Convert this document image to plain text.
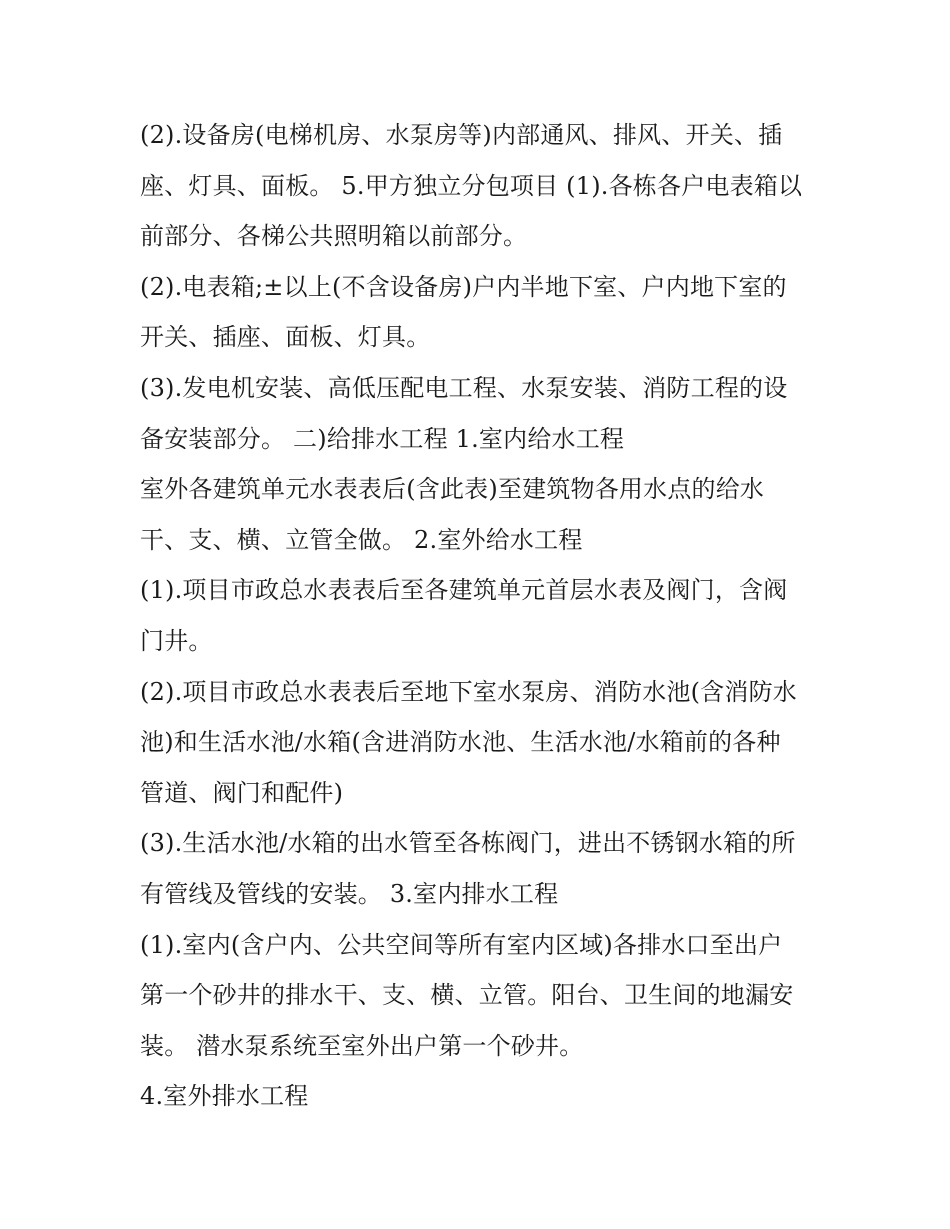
(2).设备房(电梯机房、水泵房等)内部通风、排风、开关、插
座、灯具、面板。 5.甲方独立分包项目 (1).各栋各户电表箱以
前部分、各梯公共照明箱以前部分。
(2).电表箱;±以上(不含设备房)户内半地下室、户内地下室的
开关、插座、面板、灯具。
(3).发电机安装、高低压配电工程、水泵安装、消防工程的设
备安装部分。 二)给排水工程 1.室内给水工程
室外各建筑单元水表表后(含此表)至建筑物各用水点的给水
干、支、横、立管全做。 2.室外给水工程
(1).项目市政总水表表后至各建筑单元首层水表及阀门，含阀
门井。
(2).项目市政总水表表后至地下室水泵房、消防水池(含消防水
池)和生活水池/水箱(含进消防水池、生活水池/水箱前的各种
管道、阀门和配件)
(3).生活水池/水箱的出水管至各栋阀门，进出不锈钢水箱的所
有管线及管线的安装。 3.室内排水工程
(1).室内(含户内、公共空间等所有室内区域)各排水口至出户
第一个砂井的排水干、支、横、立管。阳台、卫生间的地漏安
装。 潜水泵系统至室外出户第一个砂井。
4.室外排水工程
